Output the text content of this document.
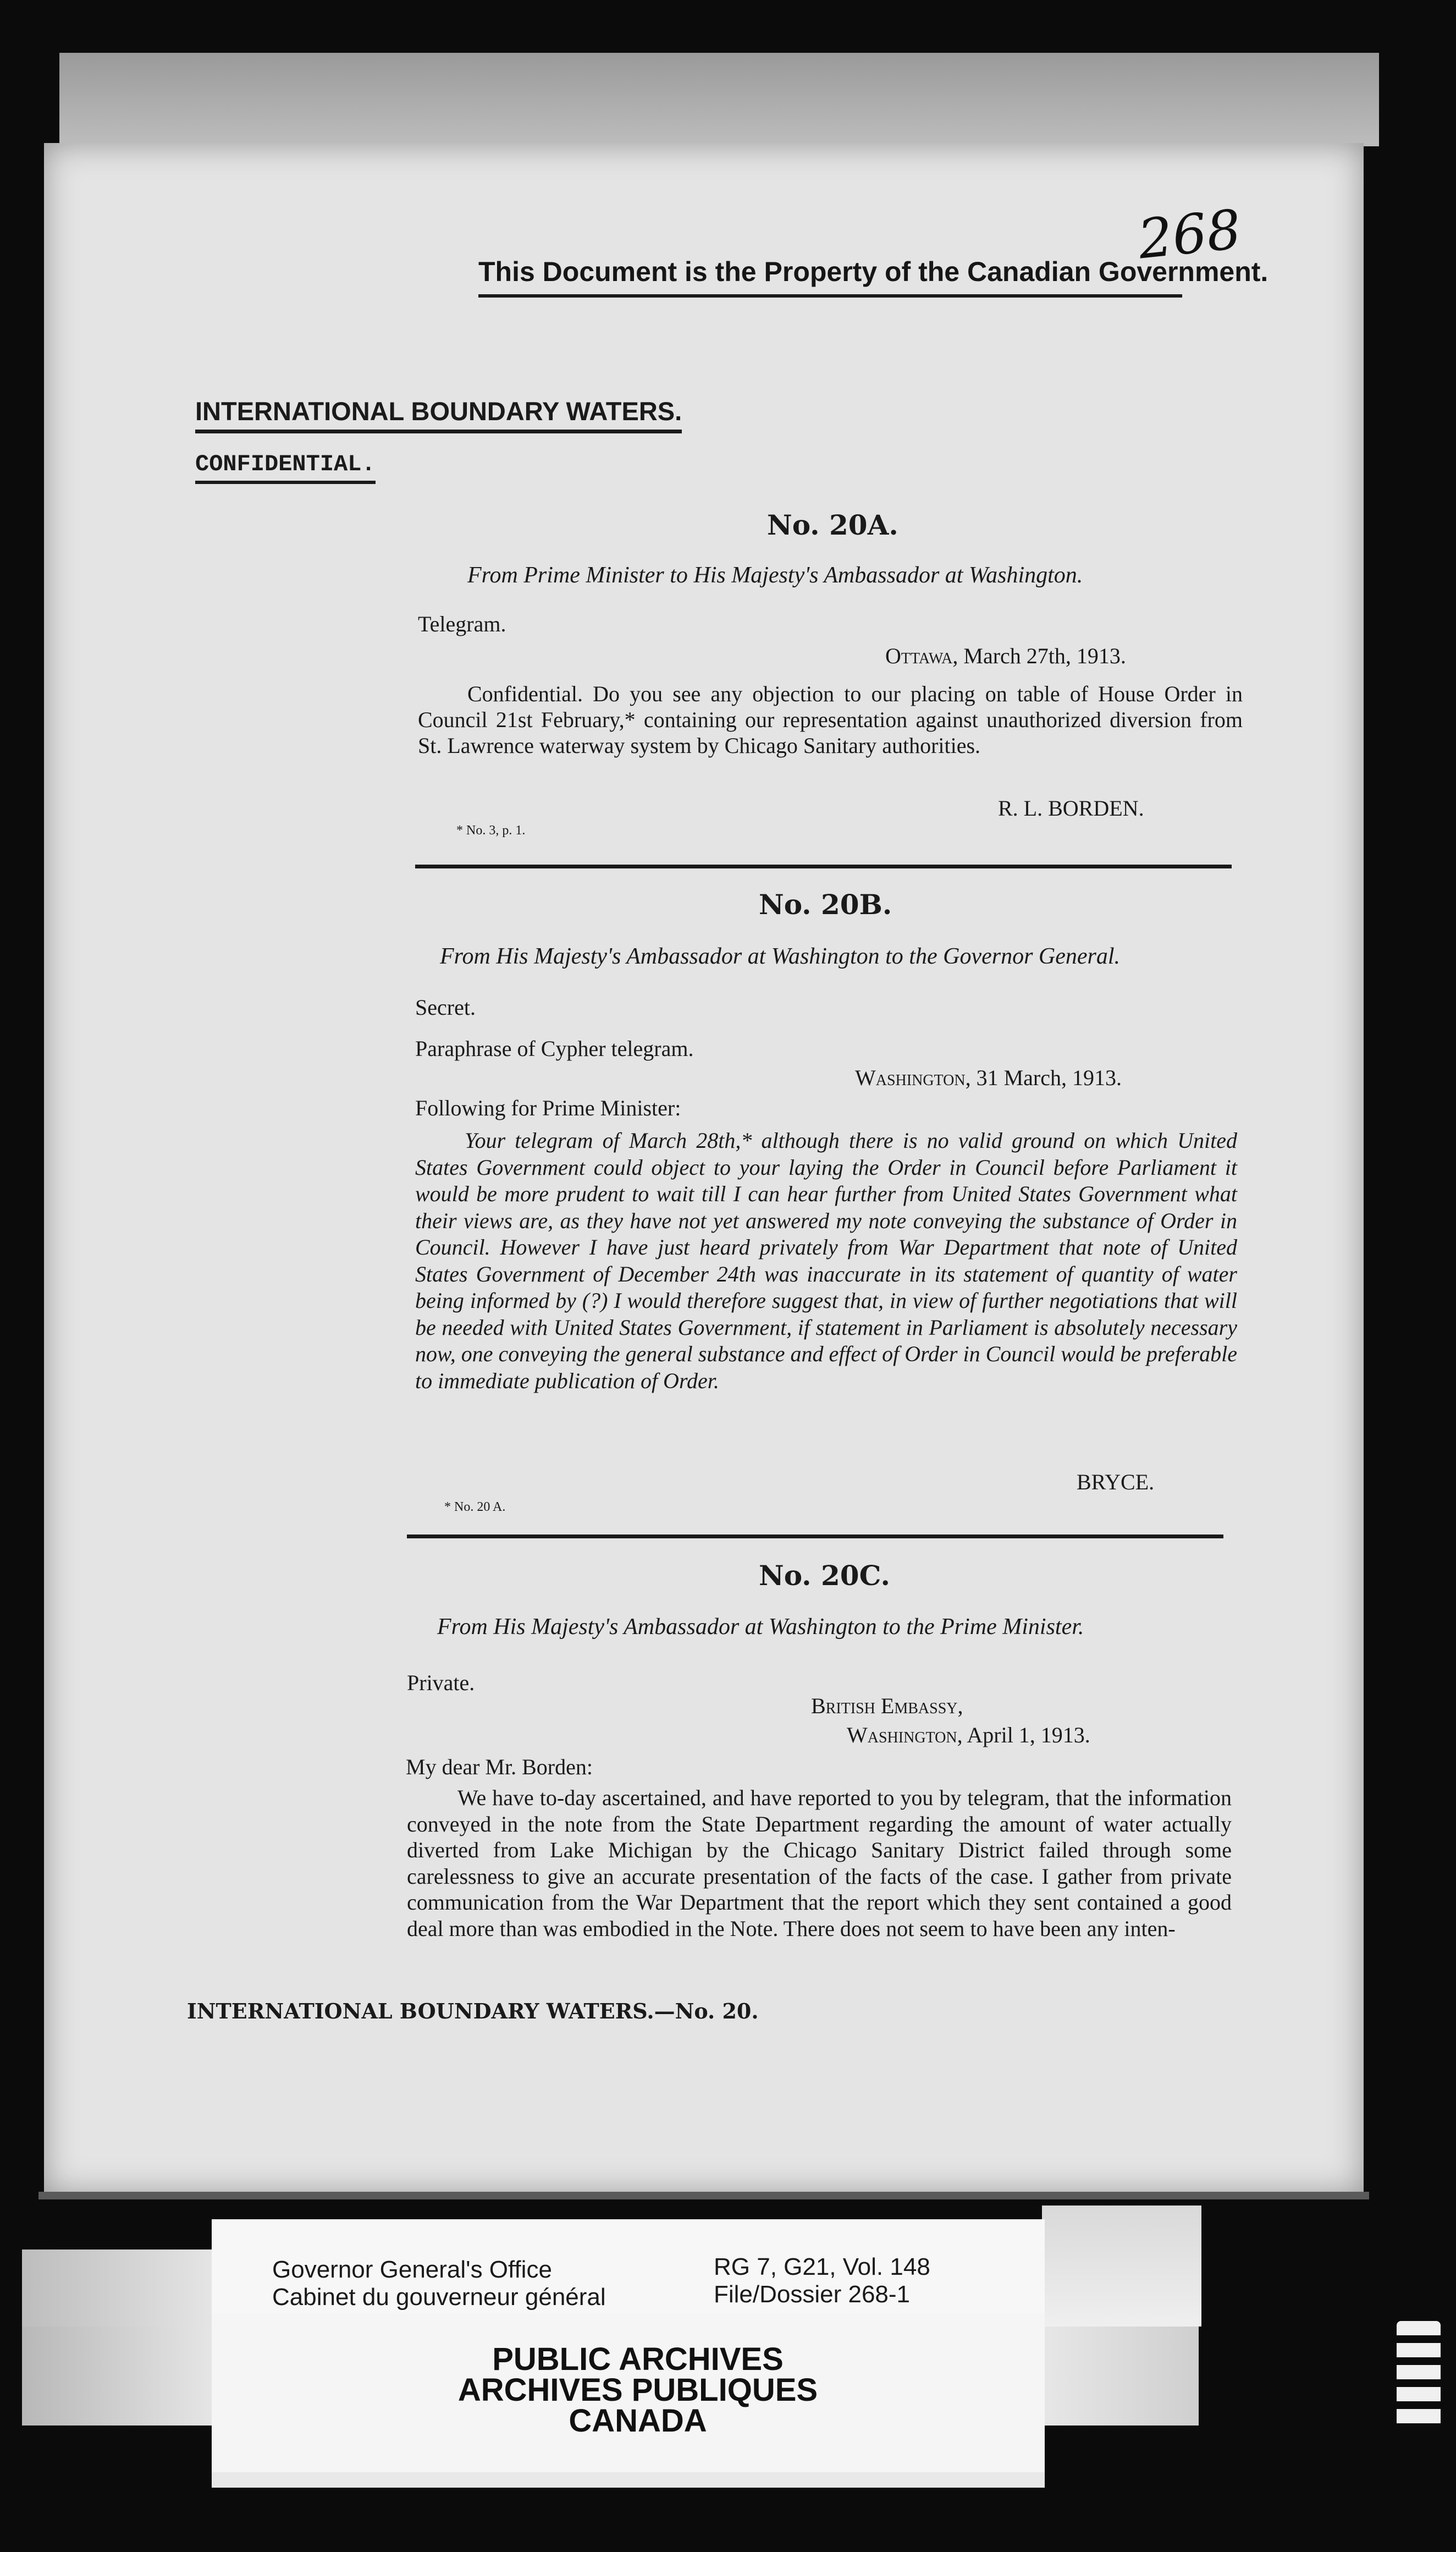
268
This Document is the Property of the Canadian Government.
INTERNATIONAL BOUNDARY WATERS.
CONFIDENTIAL.
No. 20A.
From Prime Minister to His Majesty's Ambassador at Washington.
Telegram.
Ottawa, March 27th, 1913.
Confidential. Do you see any objection to our placing on table of House Order in Council 21st February,* containing our representation against unauthorized diversion from St. Lawrence waterway system by Chicago Sanitary authorities.
R. L. BORDEN.
* No. 3, p. 1.
No. 20B.
From His Majesty's Ambassador at Washington to the Governor General.
Secret.
Paraphrase of Cypher telegram.
Washington, 31 March, 1913.
Following for Prime Minister:
Your telegram of March 28th,* although there is no valid ground on which United States Government could object to your laying the Order in Council before Parliament it would be more prudent to wait till I can hear further from United States Government what their views are, as they have not yet answered my note conveying the substance of Order in Council. However I have just heard privately from War Department that note of United States Government of December 24th was inaccurate in its statement of quantity of water being informed by (?) I would therefore suggest that, in view of further negotiations that will be needed with United States Government, if statement in Parliament is absolutely necessary now, one conveying the general substance and effect of Order in Council would be preferable to immediate publication of Order.
BRYCE.
* No. 20 A.
No. 20C.
From His Majesty's Ambassador at Washington to the Prime Minister.
Private.
British Embassy,
Washington, April 1, 1913.
My dear Mr. Borden:
We have to-day ascertained, and have reported to you by telegram, that the information conveyed in the note from the State Department regarding the amount of water actually diverted from Lake Michigan by the Chicago Sanitary District failed through some carelessness to give an accurate presentation of the facts of the case. I gather from private communication from the War Department that the report which they sent contained a good deal more than was embodied in the Note. There does not seem to have been any inten-
INTERNATIONAL BOUNDARY WATERS.—No. 20.
Governor General's Office
Cabinet du gouverneur général
RG 7, G21, Vol. 148
File/Dossier 268-1
PUBLIC ARCHIVES
ARCHIVES PUBLIQUES
CANADA
